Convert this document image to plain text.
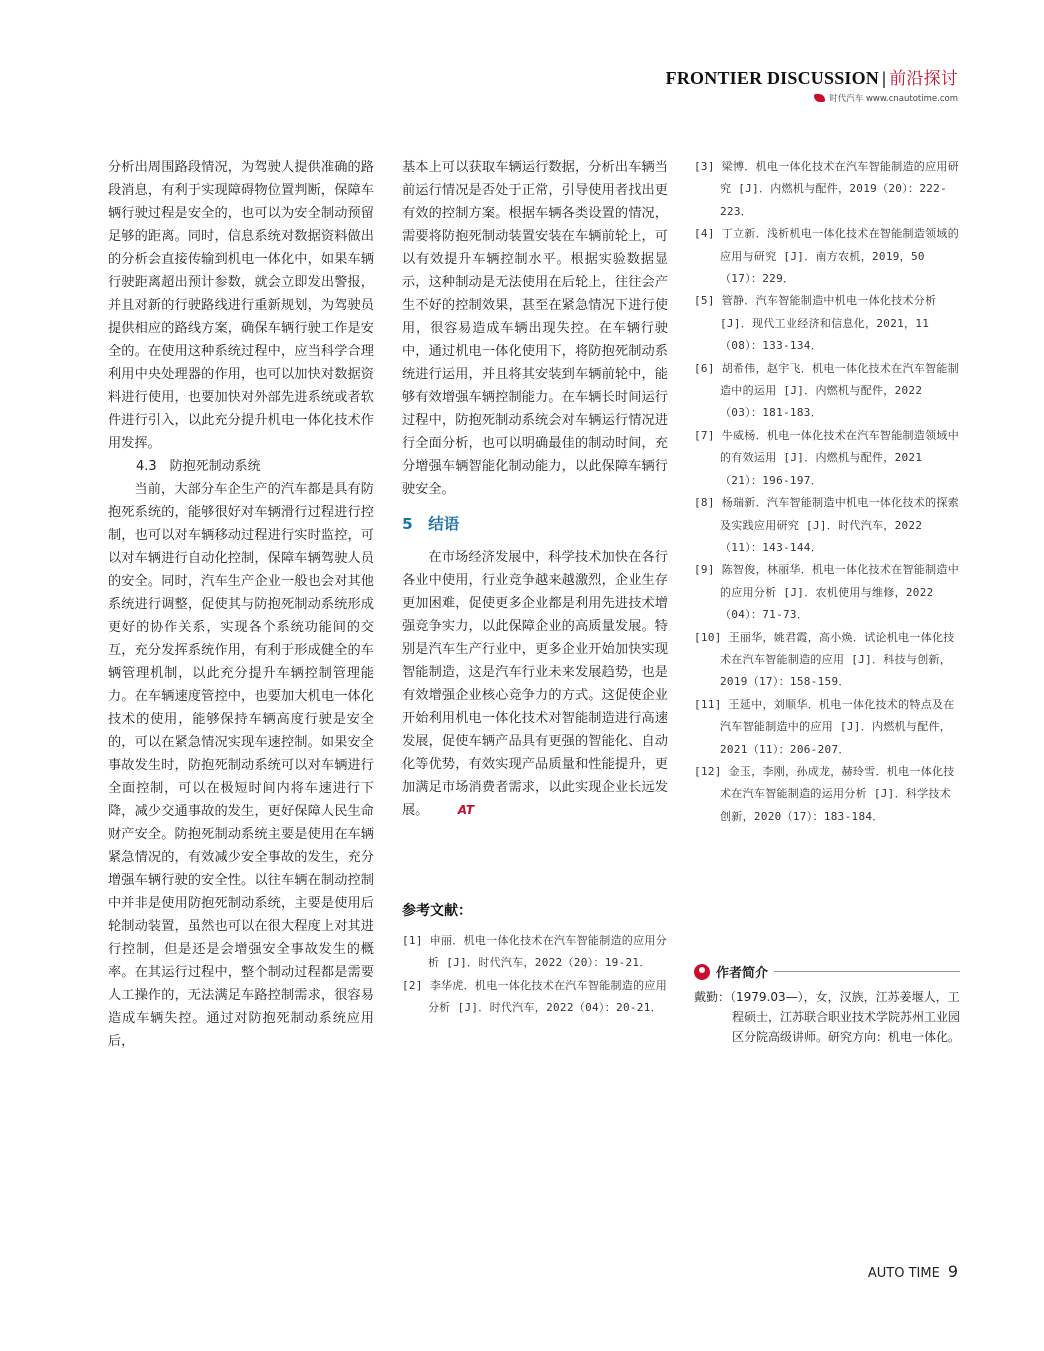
FRONTIER DISCUSSION | 前沿探讨
时代汽车 www.cnautotime.com

分析出周围路段情况，为驾驶人提供准确的路段消息，有利于实现障碍物位置判断，保障车辆行驶过程是安全的，也可以为安全制动预留足够的距离。同时，信息系统对数据资料做出的分析会直接传输到机电一体化中，如果车辆行驶距离超出预计参数，就会立即发出警报，并且对新的行驶路线进行重新规划，为驾驶员提供相应的路线方案，确保车辆行驶工作是安全的。在使用这种系统过程中，应当科学合理利用中央处理器的作用，也可以加快对数据资料进行使用，也要加快对外部先进系统或者软件进行引入，以此充分提升机电一体化技术作用发挥。

4.3　防抱死制动系统

当前，大部分车企生产的汽车都是具有防抱死系统的，能够很好对车辆滑行过程进行控制，也可以对车辆移动过程进行实时监控，可以对车辆进行自动化控制，保障车辆驾驶人员的安全。同时，汽车生产企业一般也会对其他系统进行调整，促使其与防抱死制动系统形成更好的协作关系，实现各个系统功能间的交互，充分发挥系统作用，有利于形成健全的车辆管理机制，以此充分提升车辆控制管理能力。在车辆速度管控中，也要加大机电一体化技术的使用，能够保持车辆高度行驶是安全的，可以在紧急情况实现车速控制。如果安全事故发生时，防抱死制动系统可以对车辆进行全面控制，可以在极短时间内将车速进行下降，减少交通事故的发生，更好保障人民生命财产安全。防抱死制动系统主要是使用在车辆紧急情况的，有效减少安全事故的发生，充分增强车辆行驶的安全性。以往车辆在制动控制中并非是使用防抱死制动系统，主要是使用后轮制动装置，虽然也可以在很大程度上对其进行控制，但是还是会增强安全事故发生的概率。在其运行过程中，整个制动过程都是需要人工操作的，无法满足车路控制需求，很容易造成车辆失控。通过对防抱死制动系统应用后，

基本上可以获取车辆运行数据，分析出车辆当前运行情况是否处于正常，引导使用者找出更有效的控制方案。根据车辆各类设置的情况，需要将防抱死制动装置安装在车辆前轮上，可以有效提升车辆控制水平。根据实验数据显示，这种制动是无法使用在后轮上，往往会产生不好的控制效果，甚至在紧急情况下进行使用，很容易造成车辆出现失控。在车辆行驶中，通过机电一体化使用下，将防抱死制动系统进行运用，并且将其安装到车辆前轮中，能够有效增强车辆控制能力。在车辆长时间运行过程中，防抱死制动系统会对车辆运行情况进行全面分析，也可以明确最佳的制动时间，充分增强车辆智能化制动能力，以此保障车辆行驶安全。

5　结语

在市场经济发展中，科学技术加快在各行各业中使用，行业竞争越来越激烈，企业生存更加困难，促使更多企业都是利用先进技术增强竞争实力，以此保障企业的高质量发展。特别是汽车生产行业中，更多企业开始加快实现智能制造，这是汽车行业未来发展趋势，也是有效增强企业核心竞争力的方式。这促使企业开始利用机电一体化技术对智能制造进行高速发展，促使车辆产品具有更强的智能化、自动化等优势，有效实现产品质量和性能提升，更加满足市场消费者需求，以此实现企业长远发展。 AT

参考文献：
[1] 申丽．机电一体化技术在汽车智能制造的应用分析 [J]．时代汽车，2022（20）：19-21．
[2] 李华虎．机电一体化技术在汽车智能制造的应用分析 [J]．时代汽车，2022（04）：20-21．
[3] 梁博．机电一体化技术在汽车智能制造的应用研究 [J]．内燃机与配件，2019（20）：222-223．
[4] 丁立新．浅析机电一体化技术在智能制造领域的应用与研究 [J]．南方农机，2019，50（17）：229．
[5] 管静．汽车智能制造中机电一体化技术分析 [J]．现代工业经济和信息化，2021，11（08）：133-134．
[6] 胡希伟，赵宇飞．机电一体化技术在汽车智能制造中的运用 [J]．内燃机与配件，2022（03）：181-183．
[7] 牛威杨．机电一体化技术在汽车智能制造领域中的有效运用 [J]．内燃机与配件，2021（21）：196-197．
[8] 杨瑞新．汽车智能制造中机电一体化技术的探索及实践应用研究 [J]．时代汽车，2022（11）：143-144．
[9] 陈智俊，林丽华．机电一体化技术在智能制造中的应用分析 [J]．农机使用与维修，2022（04）：71-73．
[10] 王丽华，姚君霞，高小焕．试论机电一体化技术在汽车智能制造的应用 [J]．科技与创新，2019（17）：158-159．
[11] 王延中，刘顺华．机电一体化技术的特点及在汽车智能制造中的应用 [J]．内燃机与配件，2021（11）：206-207．
[12] 金玉，李刚，孙成龙，赫玲雪．机电一体化技术在汽车智能制造的运用分析 [J]．科学技术创新，2020（17）：183-184．
作者简介
戴勤：（1979.03—），女，汉族，江苏姜堰人，工程硕士，江苏联合职业技术学院苏州工业园区分院高级讲师。研究方向：机电一体化。
AUTO TIME 9
